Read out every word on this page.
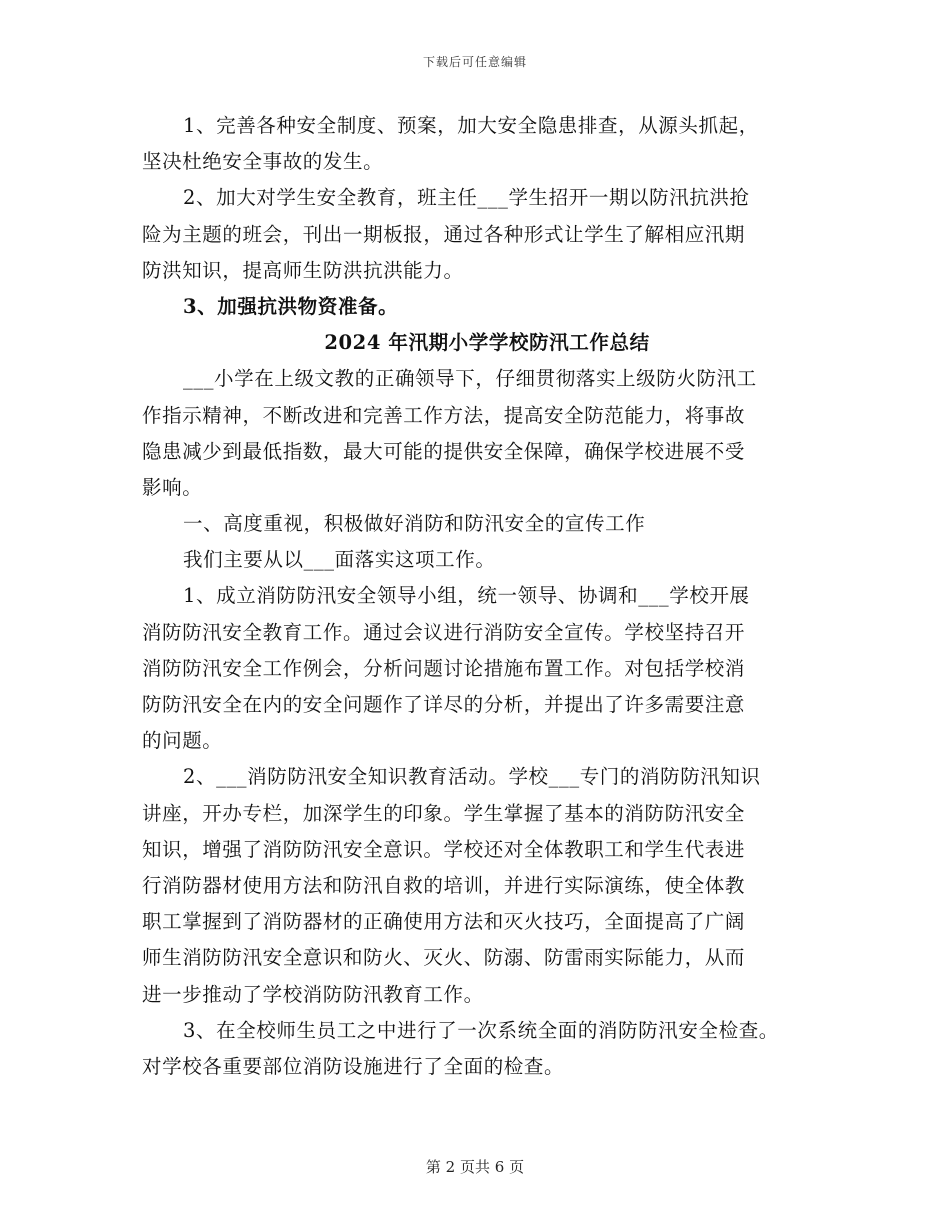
下载后可任意编辑
1、完善各种安全制度、预案，加大安全隐患排查，从源头抓起，
坚决杜绝安全事故的发生。
2、加大对学生安全教育，班主任___学生招开一期以防汛抗洪抢
险为主题的班会，刊出一期板报，通过各种形式让学生了解相应汛期
防洪知识，提高师生防洪抗洪能力。
3、加强抗洪物资准备。
2024 年汛期小学学校防汛工作总结
___小学在上级文教的正确领导下，仔细贯彻落实上级防火防汛工
作指示精神，不断改进和完善工作方法，提高安全防范能力，将事故
隐患减少到最低指数，最大可能的提供安全保障，确保学校进展不受
影响。
一、高度重视，积极做好消防和防汛安全的宣传工作
我们主要从以___面落实这项工作。
1、成立消防防汛安全领导小组，统一领导、协调和___学校开展
消防防汛安全教育工作。通过会议进行消防安全宣传。学校坚持召开
消防防汛安全工作例会，分析问题讨论措施布置工作。对包括学校消
防防汛安全在内的安全问题作了详尽的分析，并提出了许多需要注意
的问题。
2、___消防防汛安全知识教育活动。学校___专门的消防防汛知识
讲座，开办专栏，加深学生的印象。学生掌握了基本的消防防汛安全
知识，增强了消防防汛安全意识。学校还对全体教职工和学生代表进
行消防器材使用方法和防汛自救的培训，并进行实际演练，使全体教
职工掌握到了消防器材的正确使用方法和灭火技巧，全面提高了广阔
师生消防防汛安全意识和防火、灭火、防溺、防雷雨实际能力，从而
进一步推动了学校消防防汛教育工作。
3、在全校师生员工之中进行了一次系统全面的消防防汛安全检查。
对学校各重要部位消防设施进行了全面的检查。
第 2 页共 6 页
